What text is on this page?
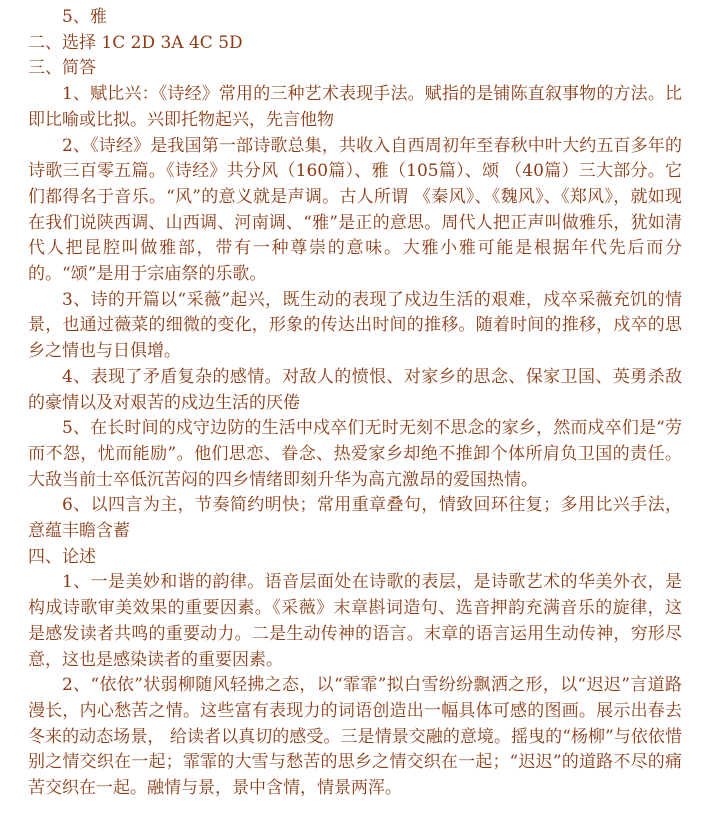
5、雅

二、选择 1C 2D 3A 4C 5D

三、简答

1、赋比兴：《诗经》常用的三种艺术表现手法。赋指的是铺陈直叙事物的方法。比即比喻或比拟。兴即托物起兴，先言他物

2、《诗经》是我国第一部诗歌总集，共收入自西周初年至春秋中叶大约五百多年的诗歌三百零五篇。《诗经》共分风（160篇）、雅（105篇）、颂 （40篇）三大部分。它们都得名于音乐。“风”的意义就是声调。古人所谓 《秦风》、《魏风》、《郑风》，就如现在我们说陕西调、山西调、河南调、“雅”是正的意思。周代人把正声叫做雅乐，犹如清代人把昆腔叫做雅部，带有一种尊崇的意味。大雅小雅可能是根据年代先后而分的。“颂”是用于宗庙祭的乐歌。

3、诗的开篇以“采薇”起兴，既生动的表现了戍边生活的艰难，戍卒采薇充饥的情景，也通过薇菜的细微的变化，形象的传达出时间的推移。随着时间的推移，戍卒的思乡之情也与日俱增。

4、表现了矛盾复杂的感情。对敌人的愤恨、对家乡的思念、保家卫国、英勇杀敌的豪情以及对艰苦的戍边生活的厌倦

5、在长时间的戍守边防的生活中戍卒们无时无刻不思念的家乡，然而戍卒们是“劳而不怨，忧而能励”。他们思恋、眷念、热爱家乡却绝不推卸个体所肩负卫国的责任。大敌当前士卒低沉苦闷的四乡情绪即刻升华为高亢激昂的爱国热情。

6、以四言为主，节奏简约明快；常用重章叠句，情致回环往复；多用比兴手法，意蕴丰瞻含蓄

四、论述

1、一是美妙和谐的韵律。语音层面处在诗歌的表层，是诗歌艺术的华美外衣，是构成诗歌审美效果的重要因素。《采薇》末章斟词造句、选音押韵充满音乐的旋律，这是感发读者共鸣的重要动力。二是生动传神的语言。末章的语言运用生动传神，穷形尽意，这也是感染读者的重要因素。

2、“依依”状弱柳随风轻拂之态，以“霏霏”拟白雪纷纷飘洒之形，以“迟迟”言道路漫长，内心愁苦之情。这些富有表现力的词语创造出一幅具体可感的图画。展示出春去冬来的动态场景， 给读者以真切的感受。三是情景交融的意境。摇曳的“杨柳”与依依惜别之情交织在一起；霏霏的大雪与愁苦的思乡之情交织在一起；“迟迟”的道路不尽的痛苦交织在一起。融情与景，景中含情，情景两浑。
